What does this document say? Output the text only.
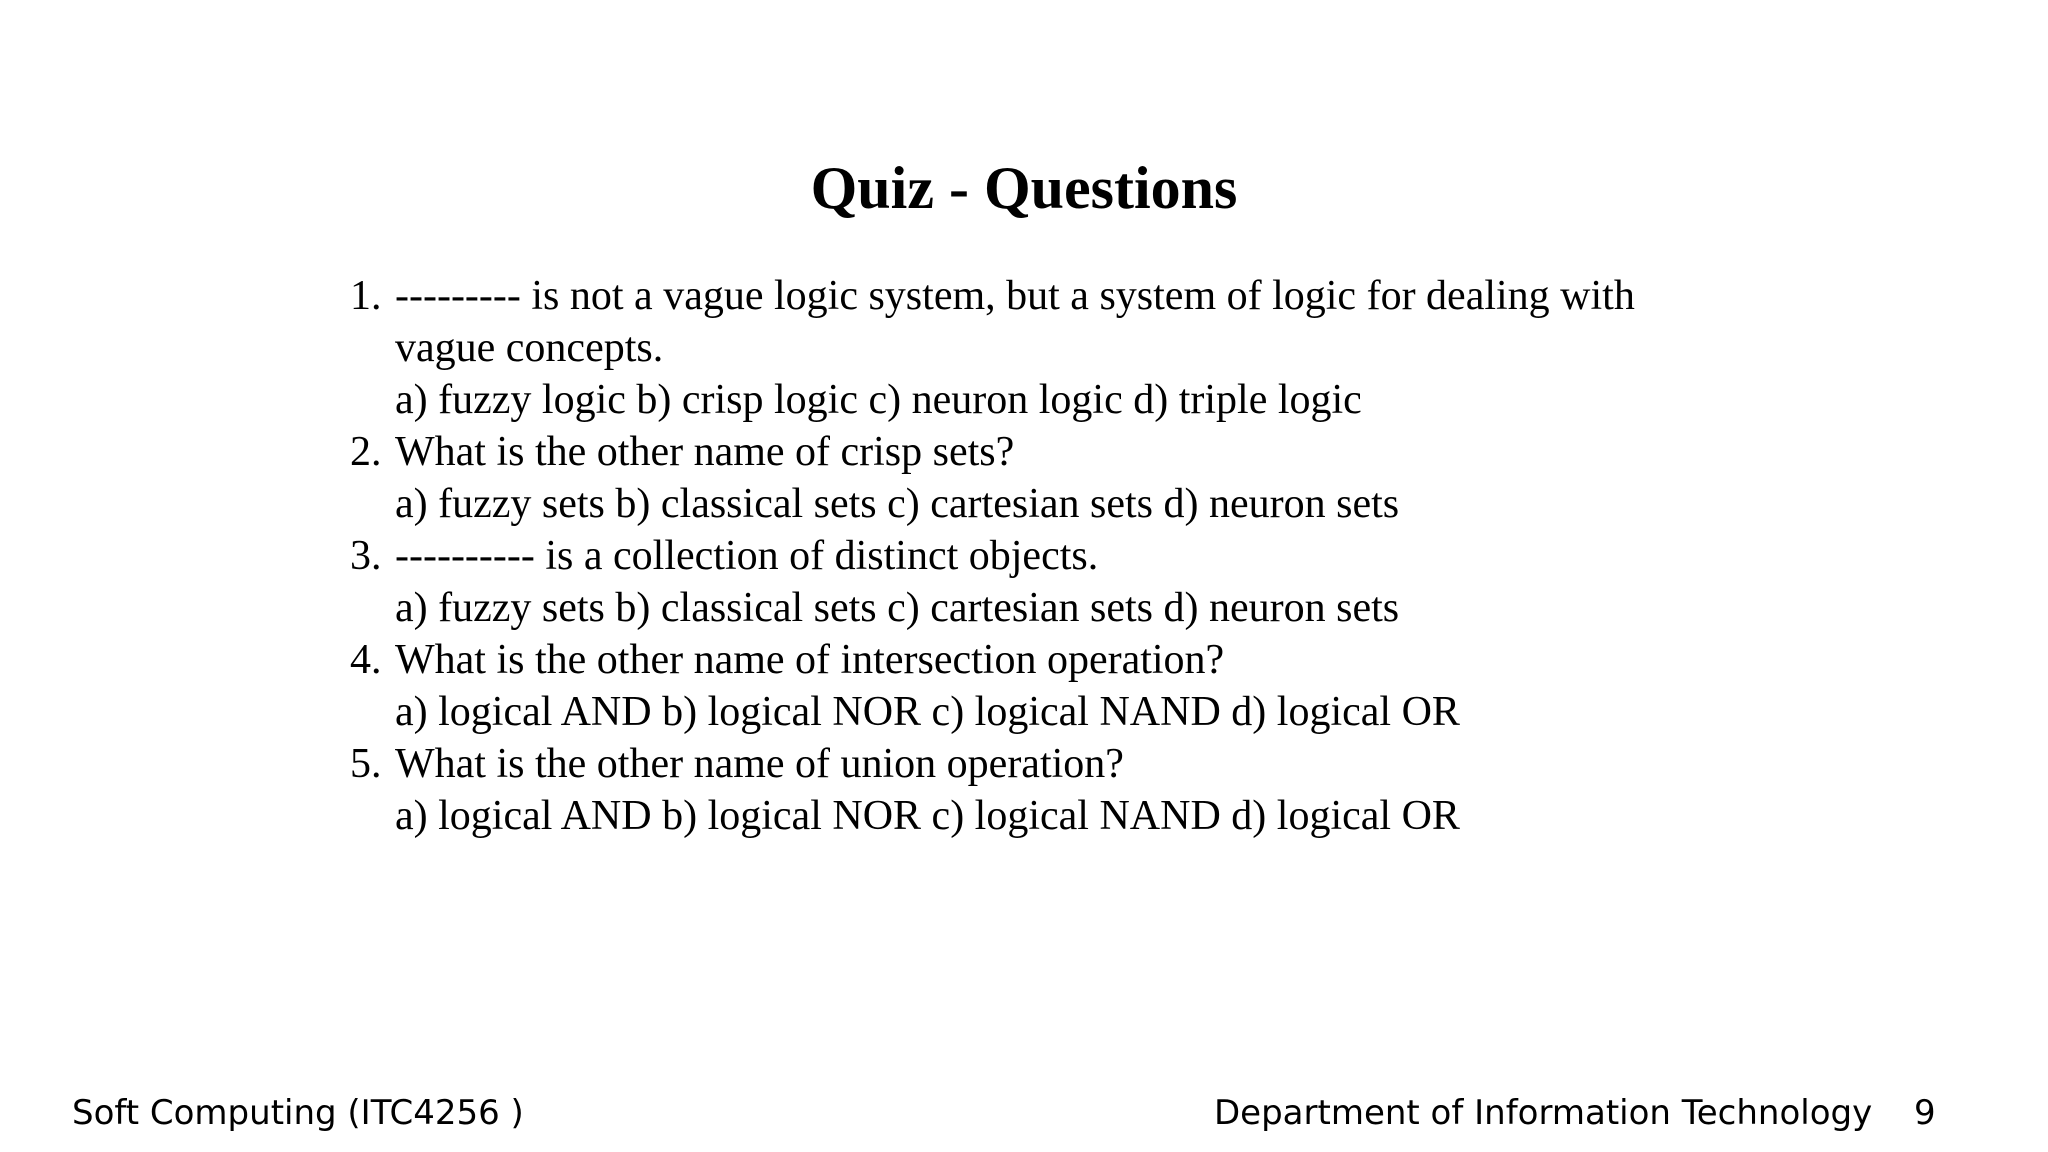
Quiz - Questions
1. --------- is not a vague logic system, but a system of logic for dealing with
vague concepts.
a) fuzzy logic b) crisp logic c) neuron logic d) triple logic
2. What is the other name of crisp sets?
a) fuzzy sets b) classical sets c) cartesian sets d) neuron sets
3. ---------- is a collection of distinct objects.
a) fuzzy sets b) classical sets c) cartesian sets d) neuron sets
4. What is the other name of intersection operation?
a) logical AND b) logical NOR c) logical NAND d) logical OR
5. What is the other name of union operation?
a) logical AND b) logical NOR c) logical NAND d) logical OR
Soft Computing (ITC4256 )	Department of Information Technology 9
